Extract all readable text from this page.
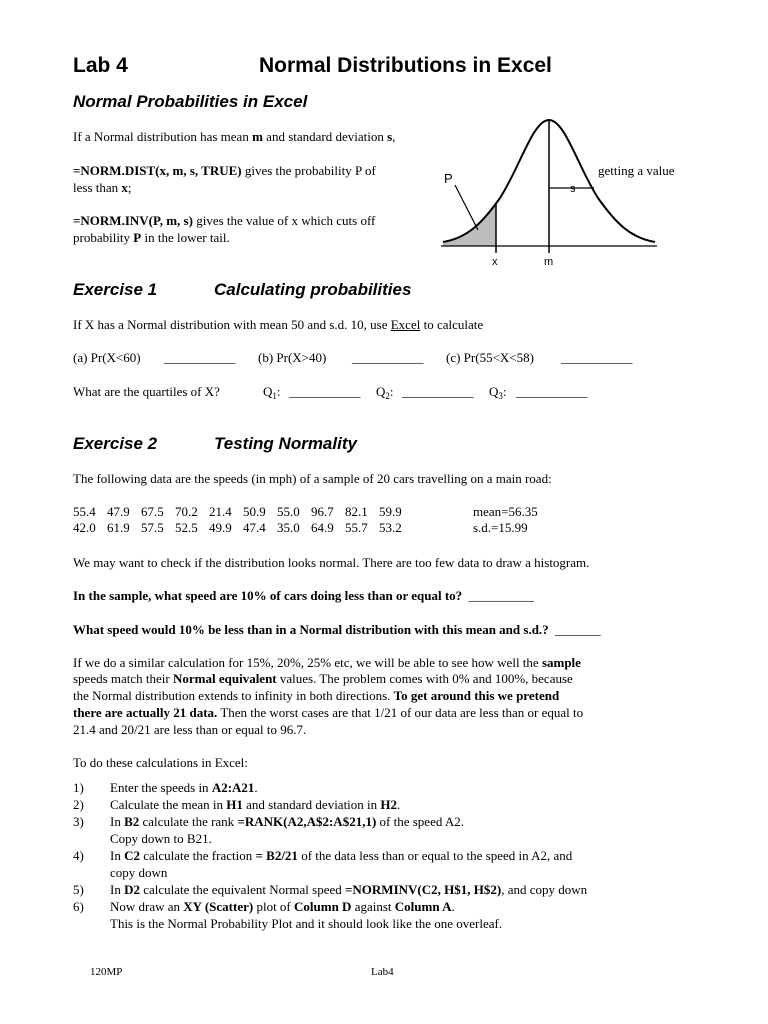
Lab 4	Normal Distributions in Excel
Normal Probabilities in Excel
If a Normal distribution has mean m and standard deviation s,
=NORM.DIST(x, m, s, TRUE) gives the probability P of	getting a value
less than x;
=NORM.INV(P, m, s) gives the value of x which cuts off
probability P in the lower tail.
P
s
x	m
Exercise 1	Calculating probabilities
If X has a Normal distribution with mean 50 and s.d. 10, use Excel to calculate
(a) Pr(X<60) ___________ (b) Pr(X>40) ___________ (c) Pr(55<X<58) ___________
What are the quartiles of X?	$Q_1$: ___________ $Q_2$: ___________ $Q_3$: ___________
Exercise 2	Testing Normality
The following data are the speeds (in mph) of a sample of 20 cars travelling on a main road:
55.4	47.9	67.5	70.2	21.4	50.9	55.0	96.7	82.1	59.9	mean=56.35
42.0	61.9	57.5	52.5	49.9	47.4	35.0	64.9	55.7	53.2	s.d.=15.99
We may want to check if the distribution looks normal. There are too few data to draw a histogram.
In the sample, what speed are 10% of cars doing less than or equal to? __________
What speed would 10% be less than in a Normal distribution with this mean and s.d.? _______
If we do a similar calculation for 15%, 20%, 25% etc, we will be able to see how well the sample
speeds match their Normal equivalent values. The problem comes with 0% and 100%, because
the Normal distribution extends to infinity in both directions. To get around this we pretend
there are actually 21 data. Then the worst cases are that 1/21 of our data are less than or equal to
21.4 and 20/21 are less than or equal to 96.7.
To do these calculations in Excel:
1) Enter the speeds in A2:A21.
2) Calculate the mean in H1 and standard deviation in H2.
3) In B2 calculate the rank =RANK(A2,A$2:A$21,1) of the speed A2.
Copy down to B21.
4) In C2 calculate the fraction = B2/21 of the data less than or equal to the speed in A2, and
copy down
5) In D2 calculate the equivalent Normal speed =NORMINV(C2, H$1, H$2), and copy down
6) Now draw an XY (Scatter) plot of Column D against Column A.
This is the Normal Probability Plot and it should look like the one overleaf.
120MP	Lab4
